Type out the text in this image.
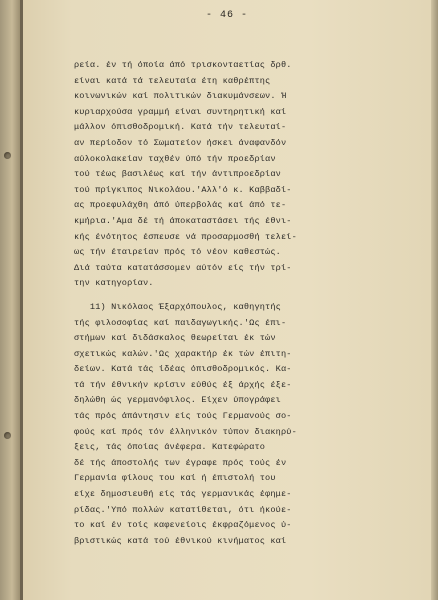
- 46 -
ρεία. έν τή όποία άπό τρισκονταετίας δρθ.
είναι κατά τά τελευταία έτη καθρέπτης
κοινωνικών καί πολιτικών διακυμάνσεων. Ή
κυριαρχούσα γραμμή είναι συντηρητική καί
μάλλον όπισθοδρομική. Κατά τήν τελευταί-
αν περίοδον τό Σωματείον ήσκει άναφανδόν
αύλοκολακείαν ταχθέν ύπό τήν προεδρίαν
τού τέως βασιλέως καί τήν άντιπροεδρίαν
τού πρίγκιπος Νικολάου.'Αλλ'ό κ. Καββαδί-
ας προεφυλάχθη άπό ύπερβολάς καί άπό τε-
κμήρια.'Αμα δέ τή άποκαταστάσει τής έθνι-
κής ένότητος έσπευσε νά προσαρμοσθή τελεί-
ως τήν έταιρείαν πρός τό νέον καθεστώς.
Διά ταύτα κατατάσσομεν αύτόν είς τήν τρί-
την κατηγορίαν.
11) Νικόλαος Έξαρχόπουλος, καθηγητής
τής φιλοσοφίας καί παιδαγωγικής.'Ως έπι-
στήμων καί διδάσκαλος θεωρείται έκ τών
σχετικώς καλών.'Ως χαρακτήρ έκ τών έπιτη-
δείων. Κατά τάς ίδέας όπισθοδρομικός. Κα-
τά τήν έθνικήν κρίσιν εύθύς έξ άρχής έξε-
δηλώθη ώς γερμανόφιλος. Είχεν ύπογράφει
τάς πρός άπάντησιν είς τούς Γερμανούς σο-
φούς καί πρός τόν έλληνικόν τύπον διακηρύ-
ξεις, τάς όποίας άνέφερα. Κατεφώρατο
δέ τής άποστολής των έγραφε πρός τούς έν
Γερμανία φίλους του καί ή έπιστολή του
είχε δημοσιευθή είς τάς γερμανικάς έφημε-
ρίδας.'Υπό πολλών κατατίθεται, ότι ήκούε-
το καί έν τοίς καφενείοις έκφραζόμενος ύ-
βριστικώς κατά τού έθνικού κινήματος καί
